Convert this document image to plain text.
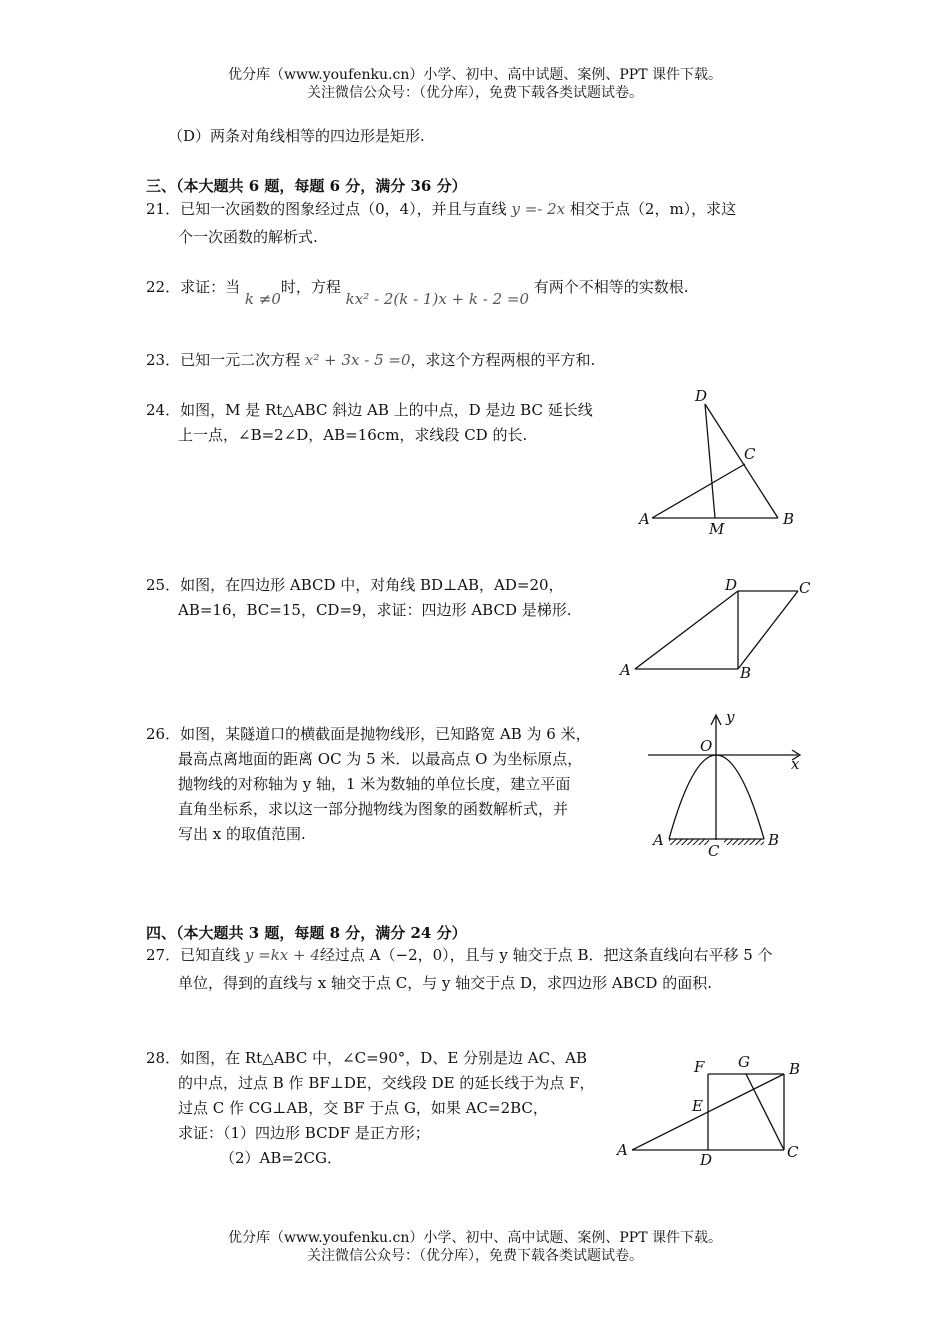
优分库（www.youfenku.cn）小学、初中、高中试题、案例、PPT 课件下载。
关注微信公众号：（优分库），免费下载各类试题试卷。
（D）两条对角线相等的四边形是矩形.
三、（本大题共 6 题，每题 6 分，满分 36 分）
21．已知一次函数的图象经过点（0，4），并且与直线 y =- 2x 相交于点（2，m），求这
个一次函数的解析式.
22．求证：当 k ≠0时，方程 kx² - 2(k - 1)x + k - 2 =0 有两个不相等的实数根.
23．已知一元二次方程 x² + 3x - 5 =0，求这个方程两根的平方和.
24．如图，M 是 Rt△ABC 斜边 AB 上的中点，D 是边 BC 延长线
上一点，∠B=2∠D，AB=16cm，求线段 CD 的长.
D
C
A
M
B
25．如图，在四边形 ABCD 中，对角线 BD⊥AB，AD=20，
AB=16，BC=15，CD=9，求证：四边形 ABCD 是梯形.
D	C
A	B
26．如图，某隧道口的横截面是抛物线形，已知路宽 AB 为 6 米，
最高点离地面的距离 OC 为 5 米．以最高点 O 为坐标原点，
抛物线的对称轴为 y 轴，1 米为数轴的单位长度，建立平面
直角坐标系，求以这一部分抛物线为图象的函数解析式，并
写出 x 的取值范围.
y
O
x
A
C
B
四、（本大题共 3 题，每题 8 分，满分 24 分）
27．已知直线 y =kx + 4经过点 A（−2，0），且与 y 轴交于点 B．把这条直线向右平移 5 个
单位，得到的直线与 x 轴交于点 C，与 y 轴交于点 D，求四边形 ABCD 的面积.
28．如图，在 Rt△ABC 中，∠C=90°，D、E 分别是边 AC、AB
的中点，过点 B 作 BF⊥DE，交线段 DE 的延长线于为点 F，
过点 C 作 CG⊥AB，交 BF 于点 G，如果 AC=2BC，
求证：（1）四边形 BCDF 是正方形；
（2）AB=2CG．
F G	B
E
A
D	C
优分库（www.youfenku.cn）小学、初中、高中试题、案例、PPT 课件下载。
关注微信公众号：（优分库），免费下载各类试题试卷。
